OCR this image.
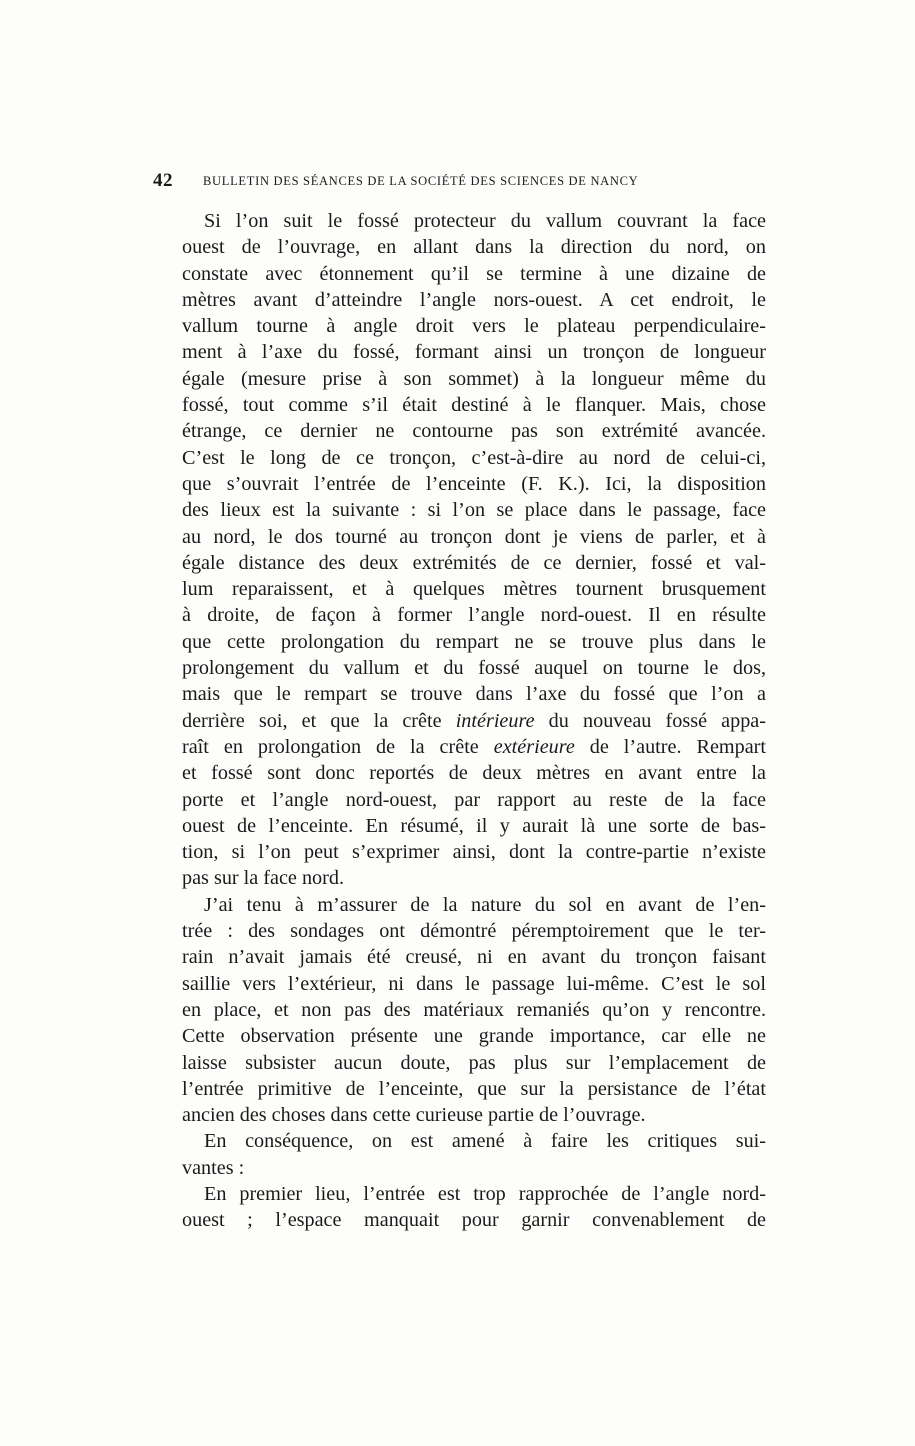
42 BULLETIN DES SÉANCES DE LA SOCIÉTÉ DES SCIENCES DE NANCY
Si l’on suit le fossé protecteur du vallum couvrant la face
ouest de l’ouvrage, en allant dans la direction du nord, on
constate avec étonnement qu’il se termine à une dizaine de
mètres avant d’atteindre l’angle nors-ouest. A cet endroit, le
vallum tourne à angle droit vers le plateau perpendiculaire-
ment à l’axe du fossé, formant ainsi un tronçon de longueur
égale (mesure prise à son sommet) à la longueur même du
fossé, tout comme s’il était destiné à le flanquer. Mais, chose
étrange, ce dernier ne contourne pas son extrémité avancée.
C’est le long de ce tronçon, c’est-à-dire au nord de celui-ci,
que s’ouvrait l’entrée de l’enceinte (F. K.). Ici, la disposition
des lieux est la suivante : si l’on se place dans le passage, face
au nord, le dos tourné au tronçon dont je viens de parler, et à
égale distance des deux extrémités de ce dernier, fossé et val-
lum reparaissent, et à quelques mètres tournent brusquement
à droite, de façon à former l’angle nord-ouest. Il en résulte
que cette prolongation du rempart ne se trouve plus dans le
prolongement du vallum et du fossé auquel on tourne le dos,
mais que le rempart se trouve dans l’axe du fossé que l’on a
derrière soi, et que la crête intérieure du nouveau fossé appa-
raît en prolongation de la crête extérieure de l’autre. Rempart
et fossé sont donc reportés de deux mètres en avant entre la
porte et l’angle nord-ouest, par rapport au reste de la face
ouest de l’enceinte. En résumé, il y aurait là une sorte de bas-
tion, si l’on peut s’exprimer ainsi, dont la contre-partie n’existe
pas sur la face nord.
J’ai tenu à m’assurer de la nature du sol en avant de l’en-
trée : des sondages ont démontré péremptoirement que le ter-
rain n’avait jamais été creusé, ni en avant du tronçon faisant
saillie vers l’extérieur, ni dans le passage lui-même. C’est le sol
en place, et non pas des matériaux remaniés qu’on y rencontre.
Cette observation présente une grande importance, car elle ne
laisse subsister aucun doute, pas plus sur l’emplacement de
l’entrée primitive de l’enceinte, que sur la persistance de l’état
ancien des choses dans cette curieuse partie de l’ouvrage.
En conséquence, on est amené à faire les critiques sui-
vantes :
En premier lieu, l’entrée est trop rapprochée de l’angle nord-
ouest ; l’espace manquait pour garnir convenablement de
